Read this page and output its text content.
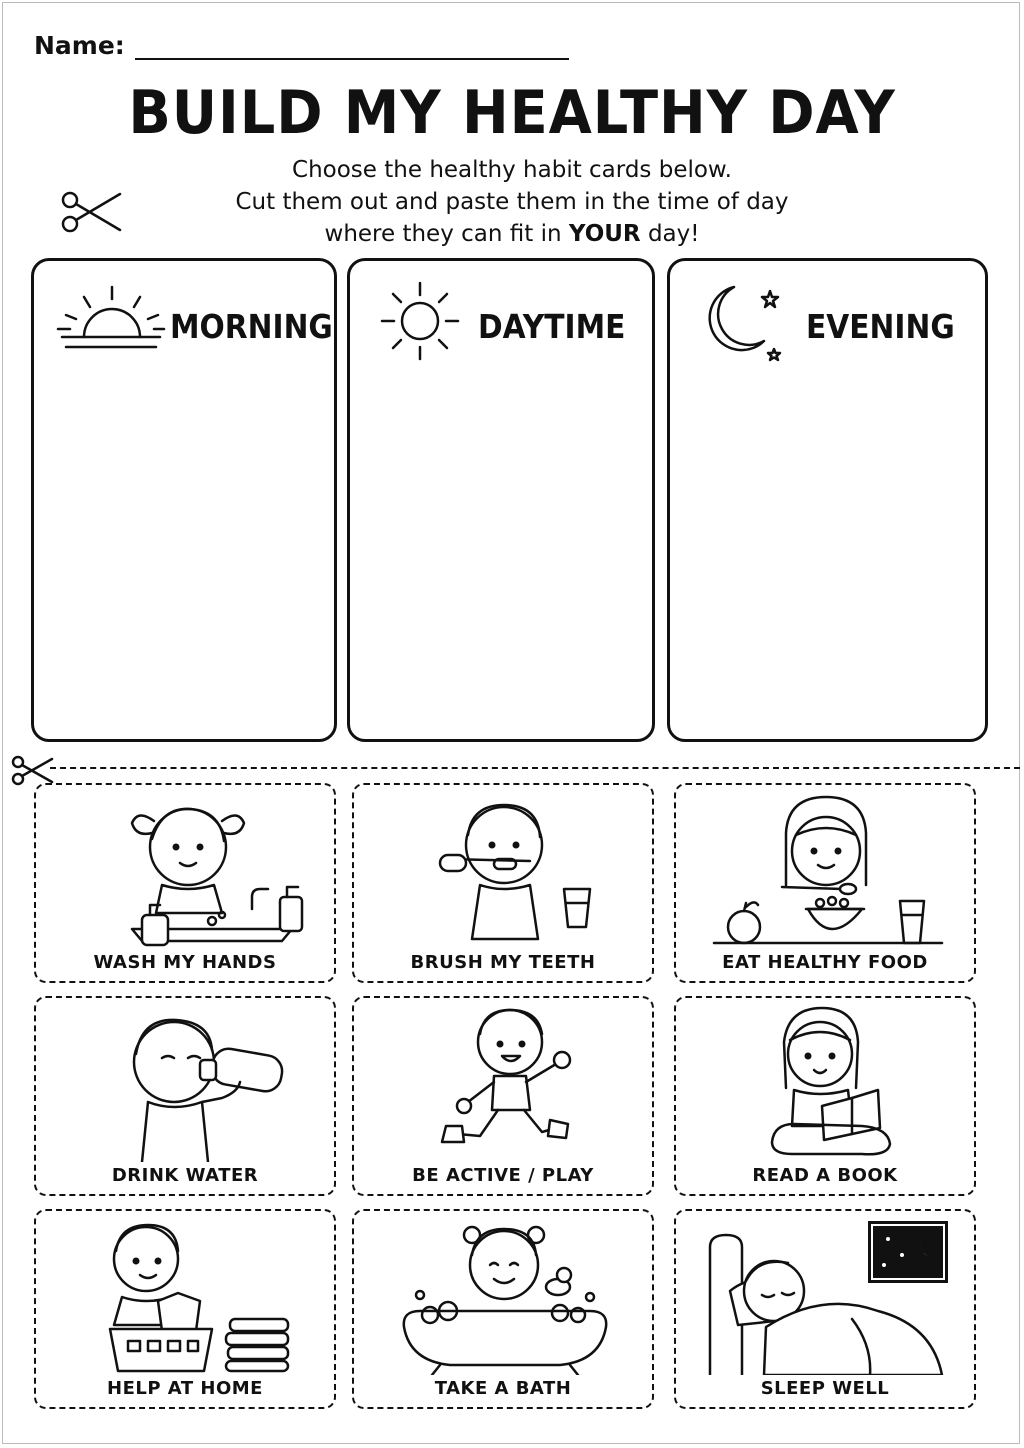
Name:
BUILD MY HEALTHY DAY
Choose the healthy habit cards below.
Cut them out and paste them in the time of day
where they can fit in YOUR day!
MORNING	DAYTIME	EVENING
WASH MY HANDS	BRUSH MY TEETH	EAT HEALTHY FOOD
DRINK WATER	BE ACTIVE / PLAY	READ A BOOK
HELP AT HOME	TAKE A BATH	SLEEP WELL
